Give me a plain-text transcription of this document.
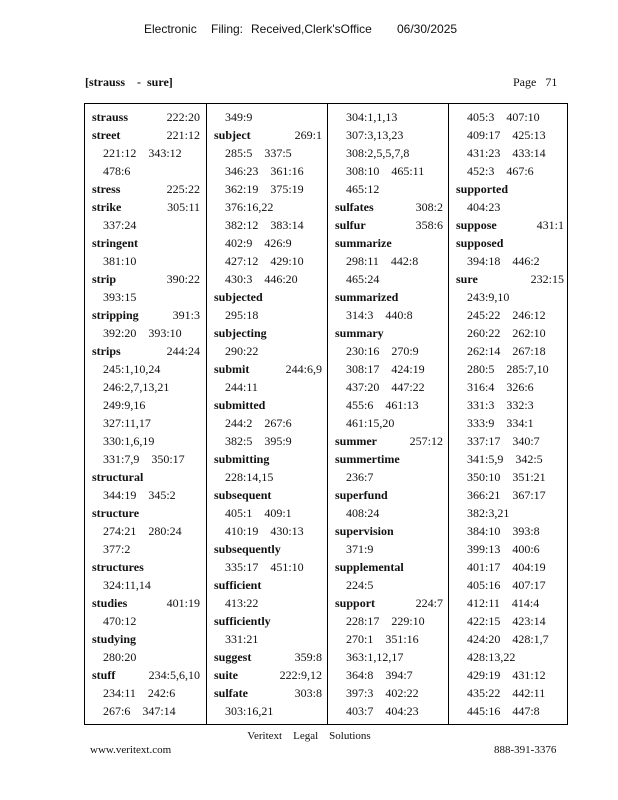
Electronic Filing: Received,Clerk'sOffice 06/30/2025
[strauss    -  sure]	Page   71
strauss	222:20
street	221:12
221:12 343:12
478:6
stress	225:22
strike	305:11
337:24
stringent
381:10
strip	390:22
393:15
stripping	391:3
392:20 393:10
strips	244:24
245:1,10,24
246:2,7,13,21
249:9,16
327:11,17
330:1,6,19
331:7,9 350:17
structural
344:19 345:2
structure
274:21 280:24
377:2
structures
324:11,14
studies	401:19
470:12
studying
280:20
stuff	234:5,6,10
234:11 242:6
267:6 347:14
349:9
subject	269:1
285:5 337:5
346:23 361:16
362:19 375:19
376:16,22
382:12 383:14
402:9 426:9
427:12 429:10
430:3 446:20
subjected
295:18
subjecting
290:22
submit	244:6,9
244:11
submitted
244:2 267:6
382:5 395:9
submitting
228:14,15
subsequent
405:1 409:1
410:19 430:13
subsequently
335:17 451:10
sufficient
413:22
sufficiently
331:21
suggest	359:8
suite	222:9,12
sulfate	303:8
303:16,21
304:1,1,13
307:3,13,23
308:2,5,5,7,8
308:10 465:11
465:12
sulfates	308:2
sulfur	358:6
summarize
298:11 442:8
465:24
summarized
314:3 440:8
summary
230:16 270:9
308:17 424:19
437:20 447:22
455:6 461:13
461:15,20
summer	257:12
summertime
236:7
superfund
408:24
supervision
371:9
supplemental
224:5
support	224:7
228:17 229:10
270:1 351:16
363:1,12,17
364:8 394:7
397:3 402:22
403:7 404:23
405:3 407:10
409:17 425:13
431:23 433:14
452:3 467:6
supported
404:23
suppose	431:1
supposed
394:18 446:2
sure	232:15
243:9,10
245:22 246:12
260:22 262:10
262:14 267:18
280:5 285:7,10
316:4 326:6
331:3 332:3
333:9 334:1
337:17 340:7
341:5,9 342:5
350:10 351:21
366:21 367:17
382:3,21
384:10 393:8
399:13 400:6
401:17 404:19
405:16 407:17
412:11 414:4
422:15 423:14
424:20 428:1,7
428:13,22
429:19 431:12
435:22 442:11
445:16 447:8
Veritext    Legal    Solutions
www.veritext.com	888-391-3376
